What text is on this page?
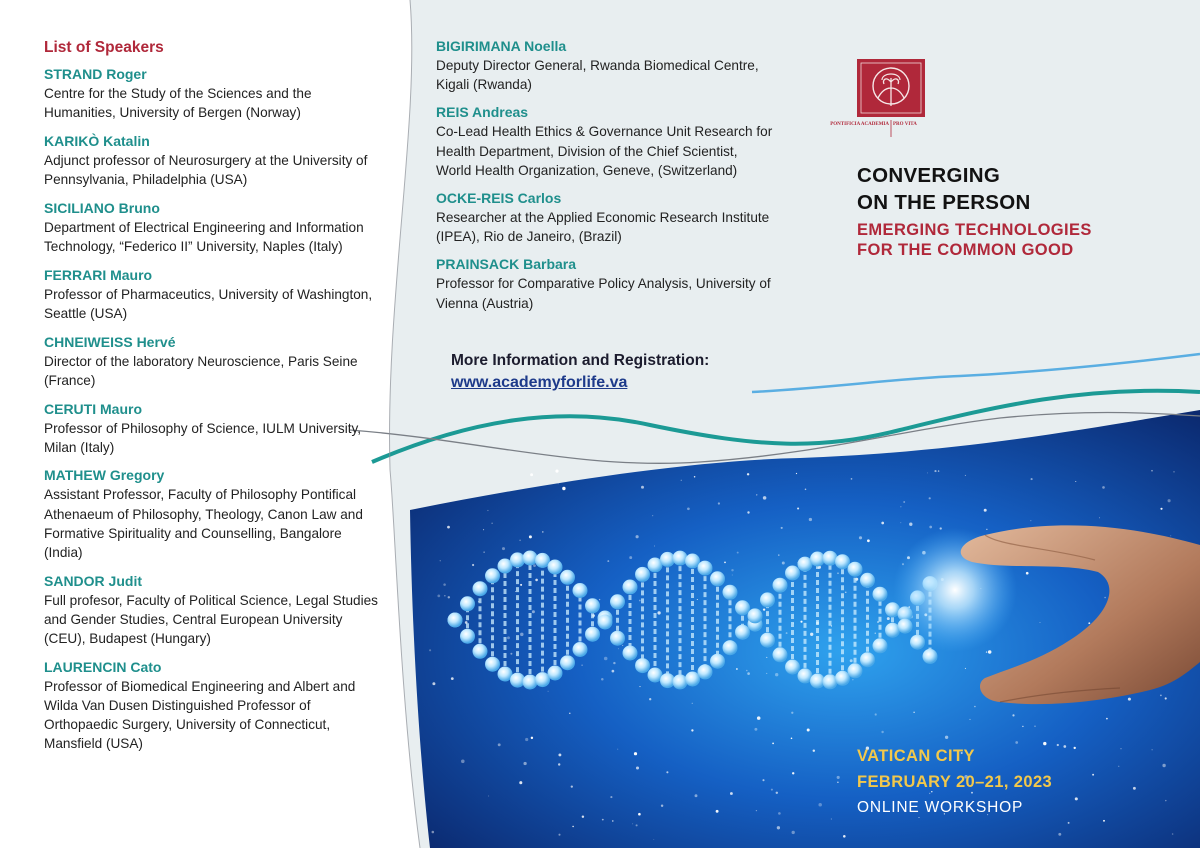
List of Speakers
STRAND Roger
Centre for the Study of the Sciences and the Humanities, University of Bergen (Norway)
KARIKÒ Katalin
Adjunct professor of Neurosurgery at the University of Pennsylvania, Philadelphia (USA)
SICILIANO Bruno
Department of Electrical Engineering and Information Technology, “Federico II” University, Naples (Italy)
FERRARI Mauro
Professor of Pharmaceutics, University of Washington, Seattle (USA)
CHNEIWEISS Hervé
Director of the laboratory Neuroscience, Paris Seine (France)
CERUTI Mauro
Professor of Philosophy of Science, IULM University, Milan (Italy)
MATHEW Gregory
Assistant Professor, Faculty of Philosophy Pontifical Athenaeum of Philosophy, Theology, Canon Law and Formative Spirituality and Counselling, Bangalore (India)
SANDOR Judit
Full profesor, Faculty of Political Science, Legal Studies and Gender Studies, Central European University (CEU), Budapest (Hungary)
LAURENCIN Cato
Professor of Biomedical Engineering and Albert and Wilda Van Dusen Distinguished Professor of Orthopaedic Surgery, University of Connecticut, Mansfield (USA)
BIGIRIMANA Noella
Deputy Director General, Rwanda Biomedical Centre, Kigali (Rwanda)
REIS Andreas
Co-Lead Health Ethics & Governance Unit Research for Health Department, Division of the Chief Scientist, World Health Organization, Geneve, (Switzerland)
OCKE-REIS Carlos
Researcher at the Applied Economic Research Institute (IPEA), Rio de Janeiro, (Brazil)
PRAINSACK Barbara
Professor for Comparative Policy Analysis, University of Vienna (Austria)
More Information and Registration:
www.academyforlife.va
PONTIFICIA ACADEMIA PRO VITA
CONVERGING
ON THE PERSON
EMERGING TECHNOLOGIES
FOR THE COMMON GOOD
VATICAN CITY
FEBRUARY 20–21, 2023
ONLINE WORKSHOP
